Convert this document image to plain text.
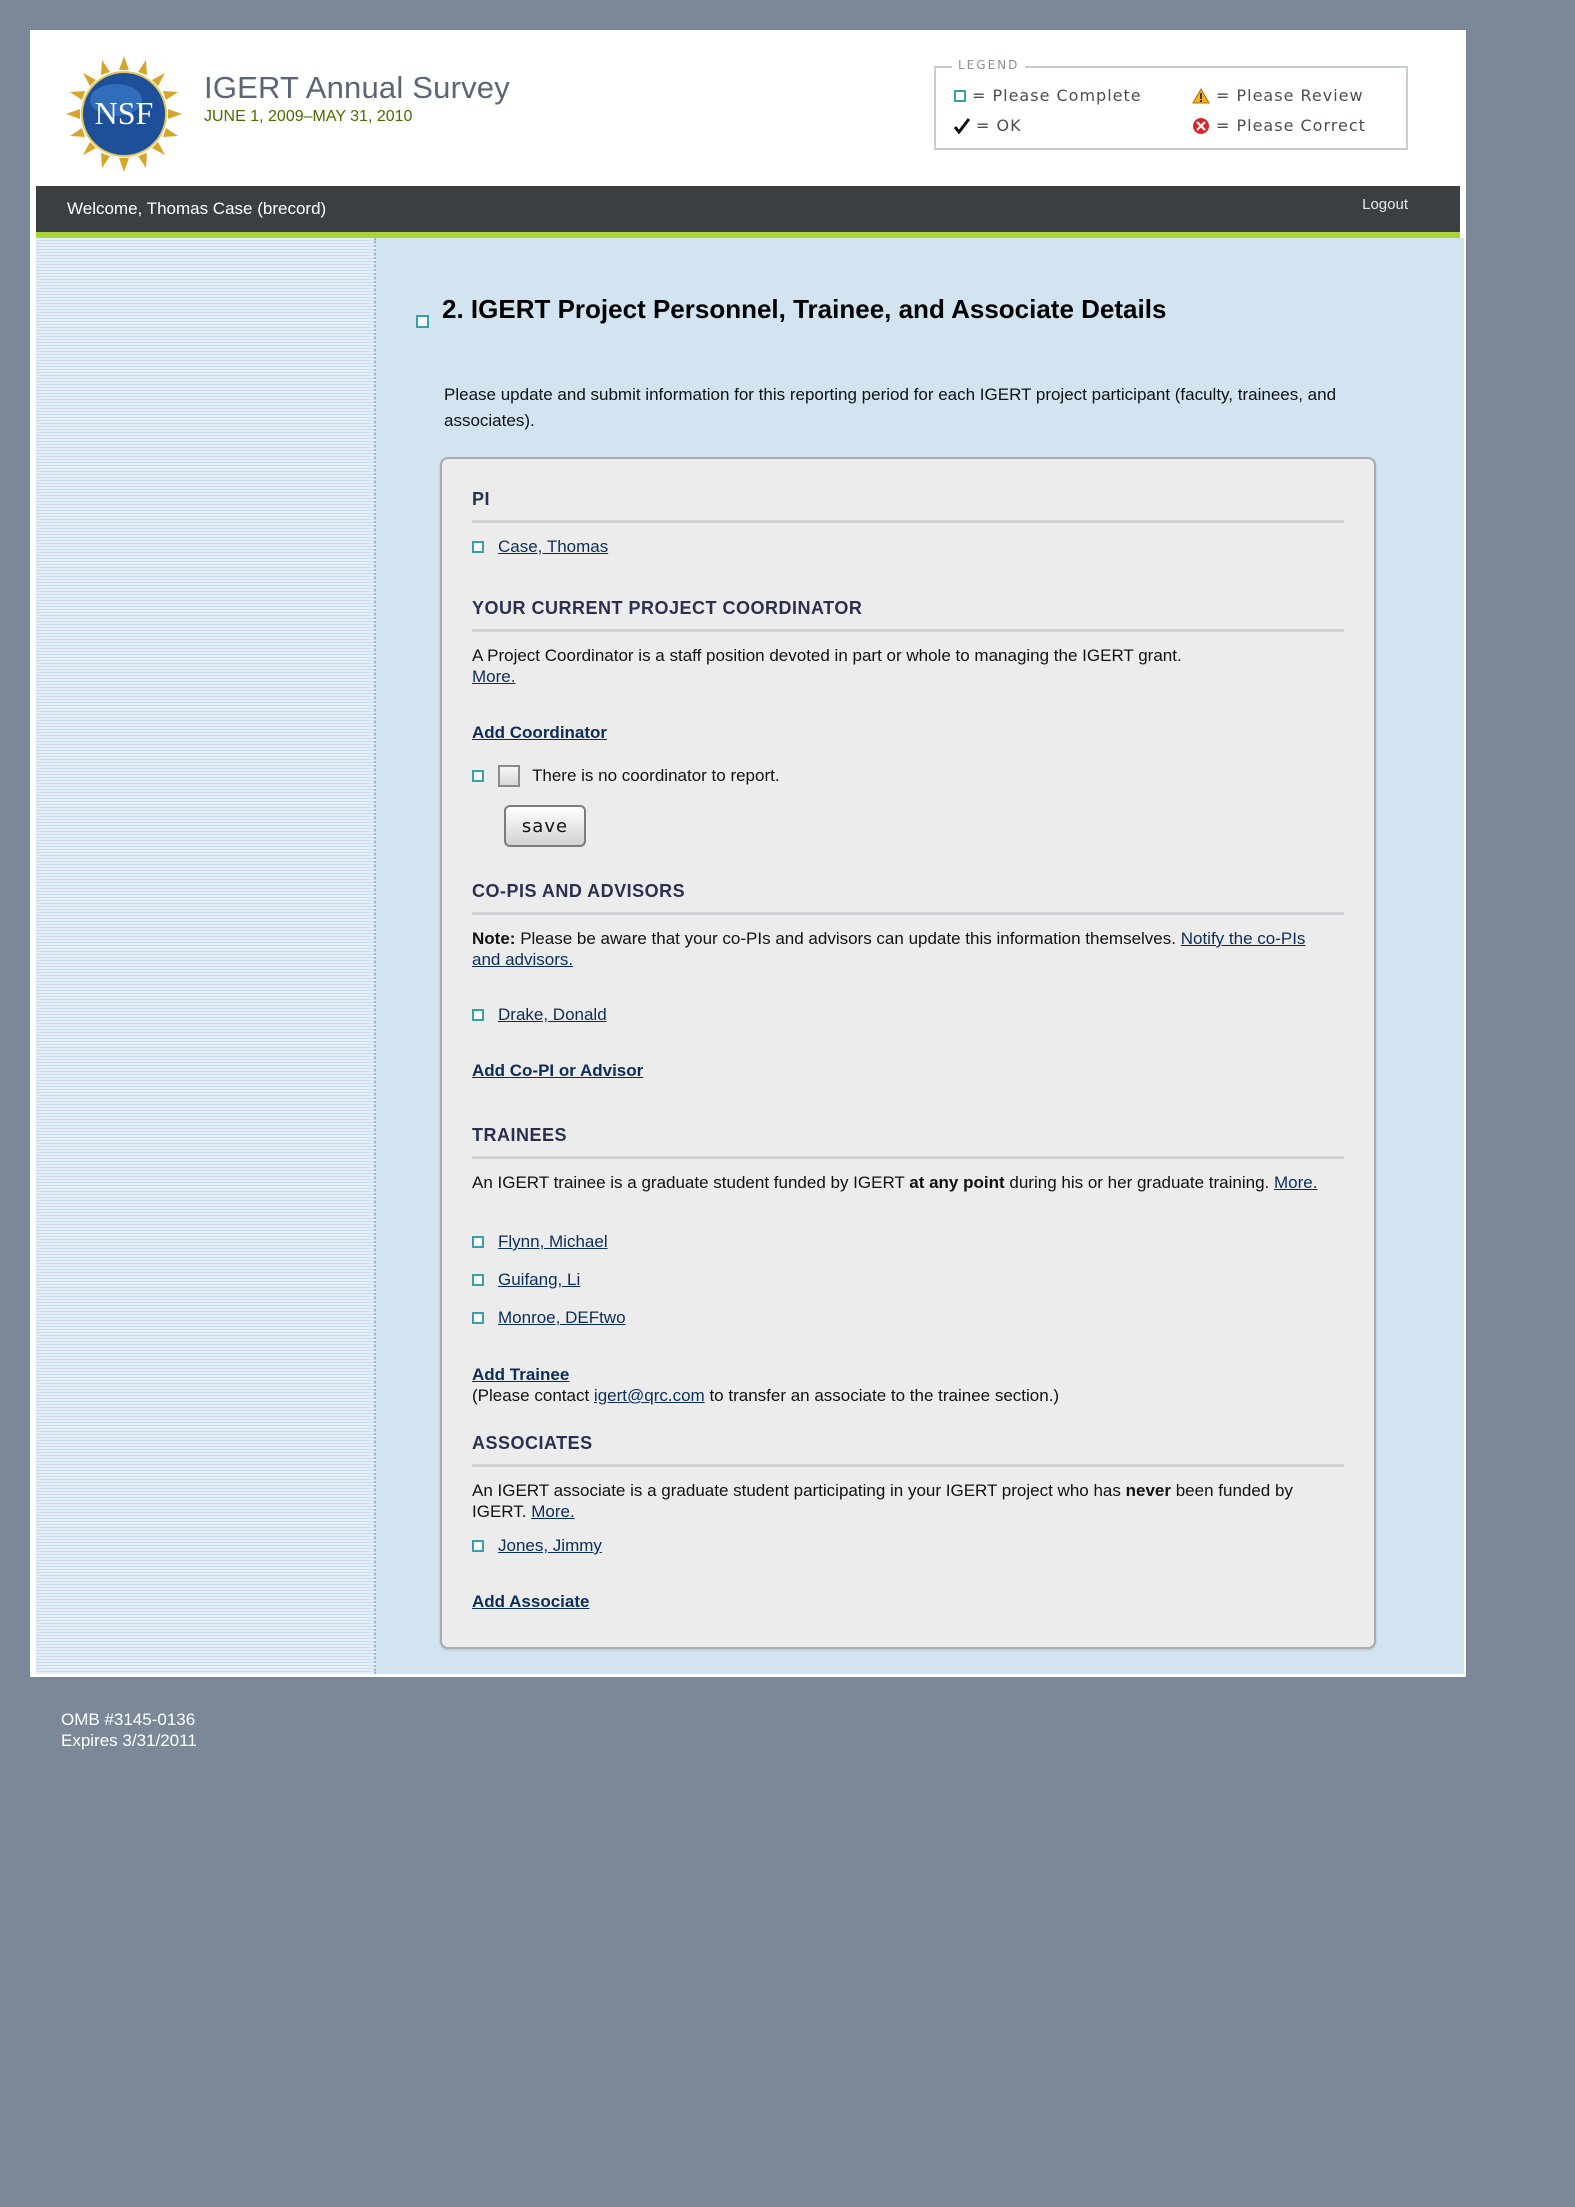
NSF
IGERT Annual Survey
JUNE 1, 2009–MAY 31, 2010
LEGEND
= Please Complete	= Please Review
= OK	= Please Correct
Welcome, Thomas Case (brecord)	Logout
2. IGERT Project Personnel, Trainee, and Associate Details
Please update and submit information for this reporting period for each IGERT project participant (faculty, trainees, and associates).
PI
Case, Thomas
YOUR CURRENT PROJECT COORDINATOR
A Project Coordinator is a staff position devoted in part or whole to managing the IGERT grant.
More.
Add Coordinator
There is no coordinator to report.
save
CO-PIS AND ADVISORS
Note: Please be aware that your co-PIs and advisors can update this information themselves. Notify the co-PIs and advisors.
Drake, Donald
Add Co-PI or Advisor
TRAINEES
An IGERT trainee is a graduate student funded by IGERT at any point during his or her graduate training. More.
Flynn, Michael
Guifang, Li
Monroe, DEFtwo
Add Trainee
(Please contact igert@qrc.com to transfer an associate to the trainee section.)
ASSOCIATES
An IGERT associate is a graduate student participating in your IGERT project who has never been funded by IGERT. More.
Jones, Jimmy
Add Associate
OMB #3145-0136
Expires 3/31/2011
